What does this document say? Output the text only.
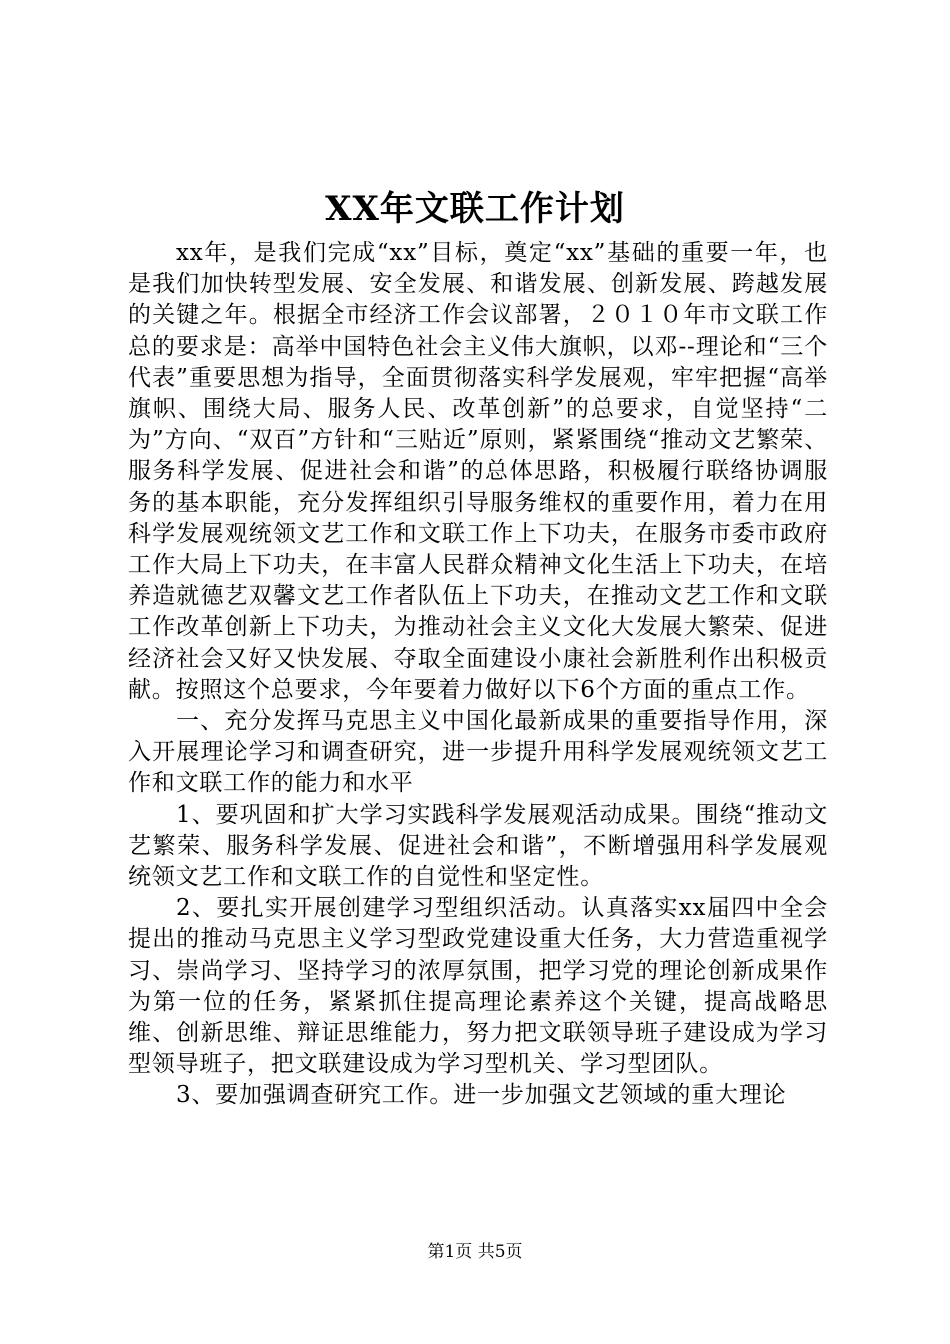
XX年文联工作计划

xx年，是我们完成“xx”目标，奠定“xx”基础的重要一年，也是我们加快转型发展、安全发展、和谐发展、创新发展、跨越发展的关键之年。根据全市经济工作会议部署，２０１０年市文联工作总的要求是：高举中国特色社会主义伟大旗帜，以邓--理论和“三个代表”重要思想为指导，全面贯彻落实科学发展观，牢牢把握“高举旗帜、围绕大局、服务人民、改革创新”的总要求，自觉坚持“二为”方向、“双百”方针和“三贴近”原则，紧紧围绕“推动文艺繁荣、服务科学发展、促进社会和谐”的总体思路，积极履行联络协调服务的基本职能，充分发挥组织引导服务维权的重要作用，着力在用科学发展观统领文艺工作和文联工作上下功夫，在服务市委市政府工作大局上下功夫，在丰富人民群众精神文化生活上下功夫，在培养造就德艺双馨文艺工作者队伍上下功夫，在推动文艺工作和文联工作改革创新上下功夫，为推动社会主义文化大发展大繁荣、促进经济社会又好又快发展、夺取全面建设小康社会新胜利作出积极贡献。按照这个总要求，今年要着力做好以下6个方面的重点工作。

一、充分发挥马克思主义中国化最新成果的重要指导作用，深入开展理论学习和调查研究，进一步提升用科学发展观统领文艺工作和文联工作的能力和水平

1、要巩固和扩大学习实践科学发展观活动成果。围绕“推动文艺繁荣、服务科学发展、促进社会和谐”，不断增强用科学发展观统领文艺工作和文联工作的自觉性和坚定性。

2、要扎实开展创建学习型组织活动。认真落实xx届四中全会提出的推动马克思主义学习型政党建设重大任务，大力营造重视学习、崇尚学习、坚持学习的浓厚氛围，把学习党的理论创新成果作为第一位的任务，紧紧抓住提高理论素养这个关键，提高战略思维、创新思维、辩证思维能力，努力把文联领导班子建设成为学习型领导班子，把文联建设成为学习型机关、学习型团队。

3、要加强调查研究工作。进一步加强文艺领域的重大理论

第1页 共5页
